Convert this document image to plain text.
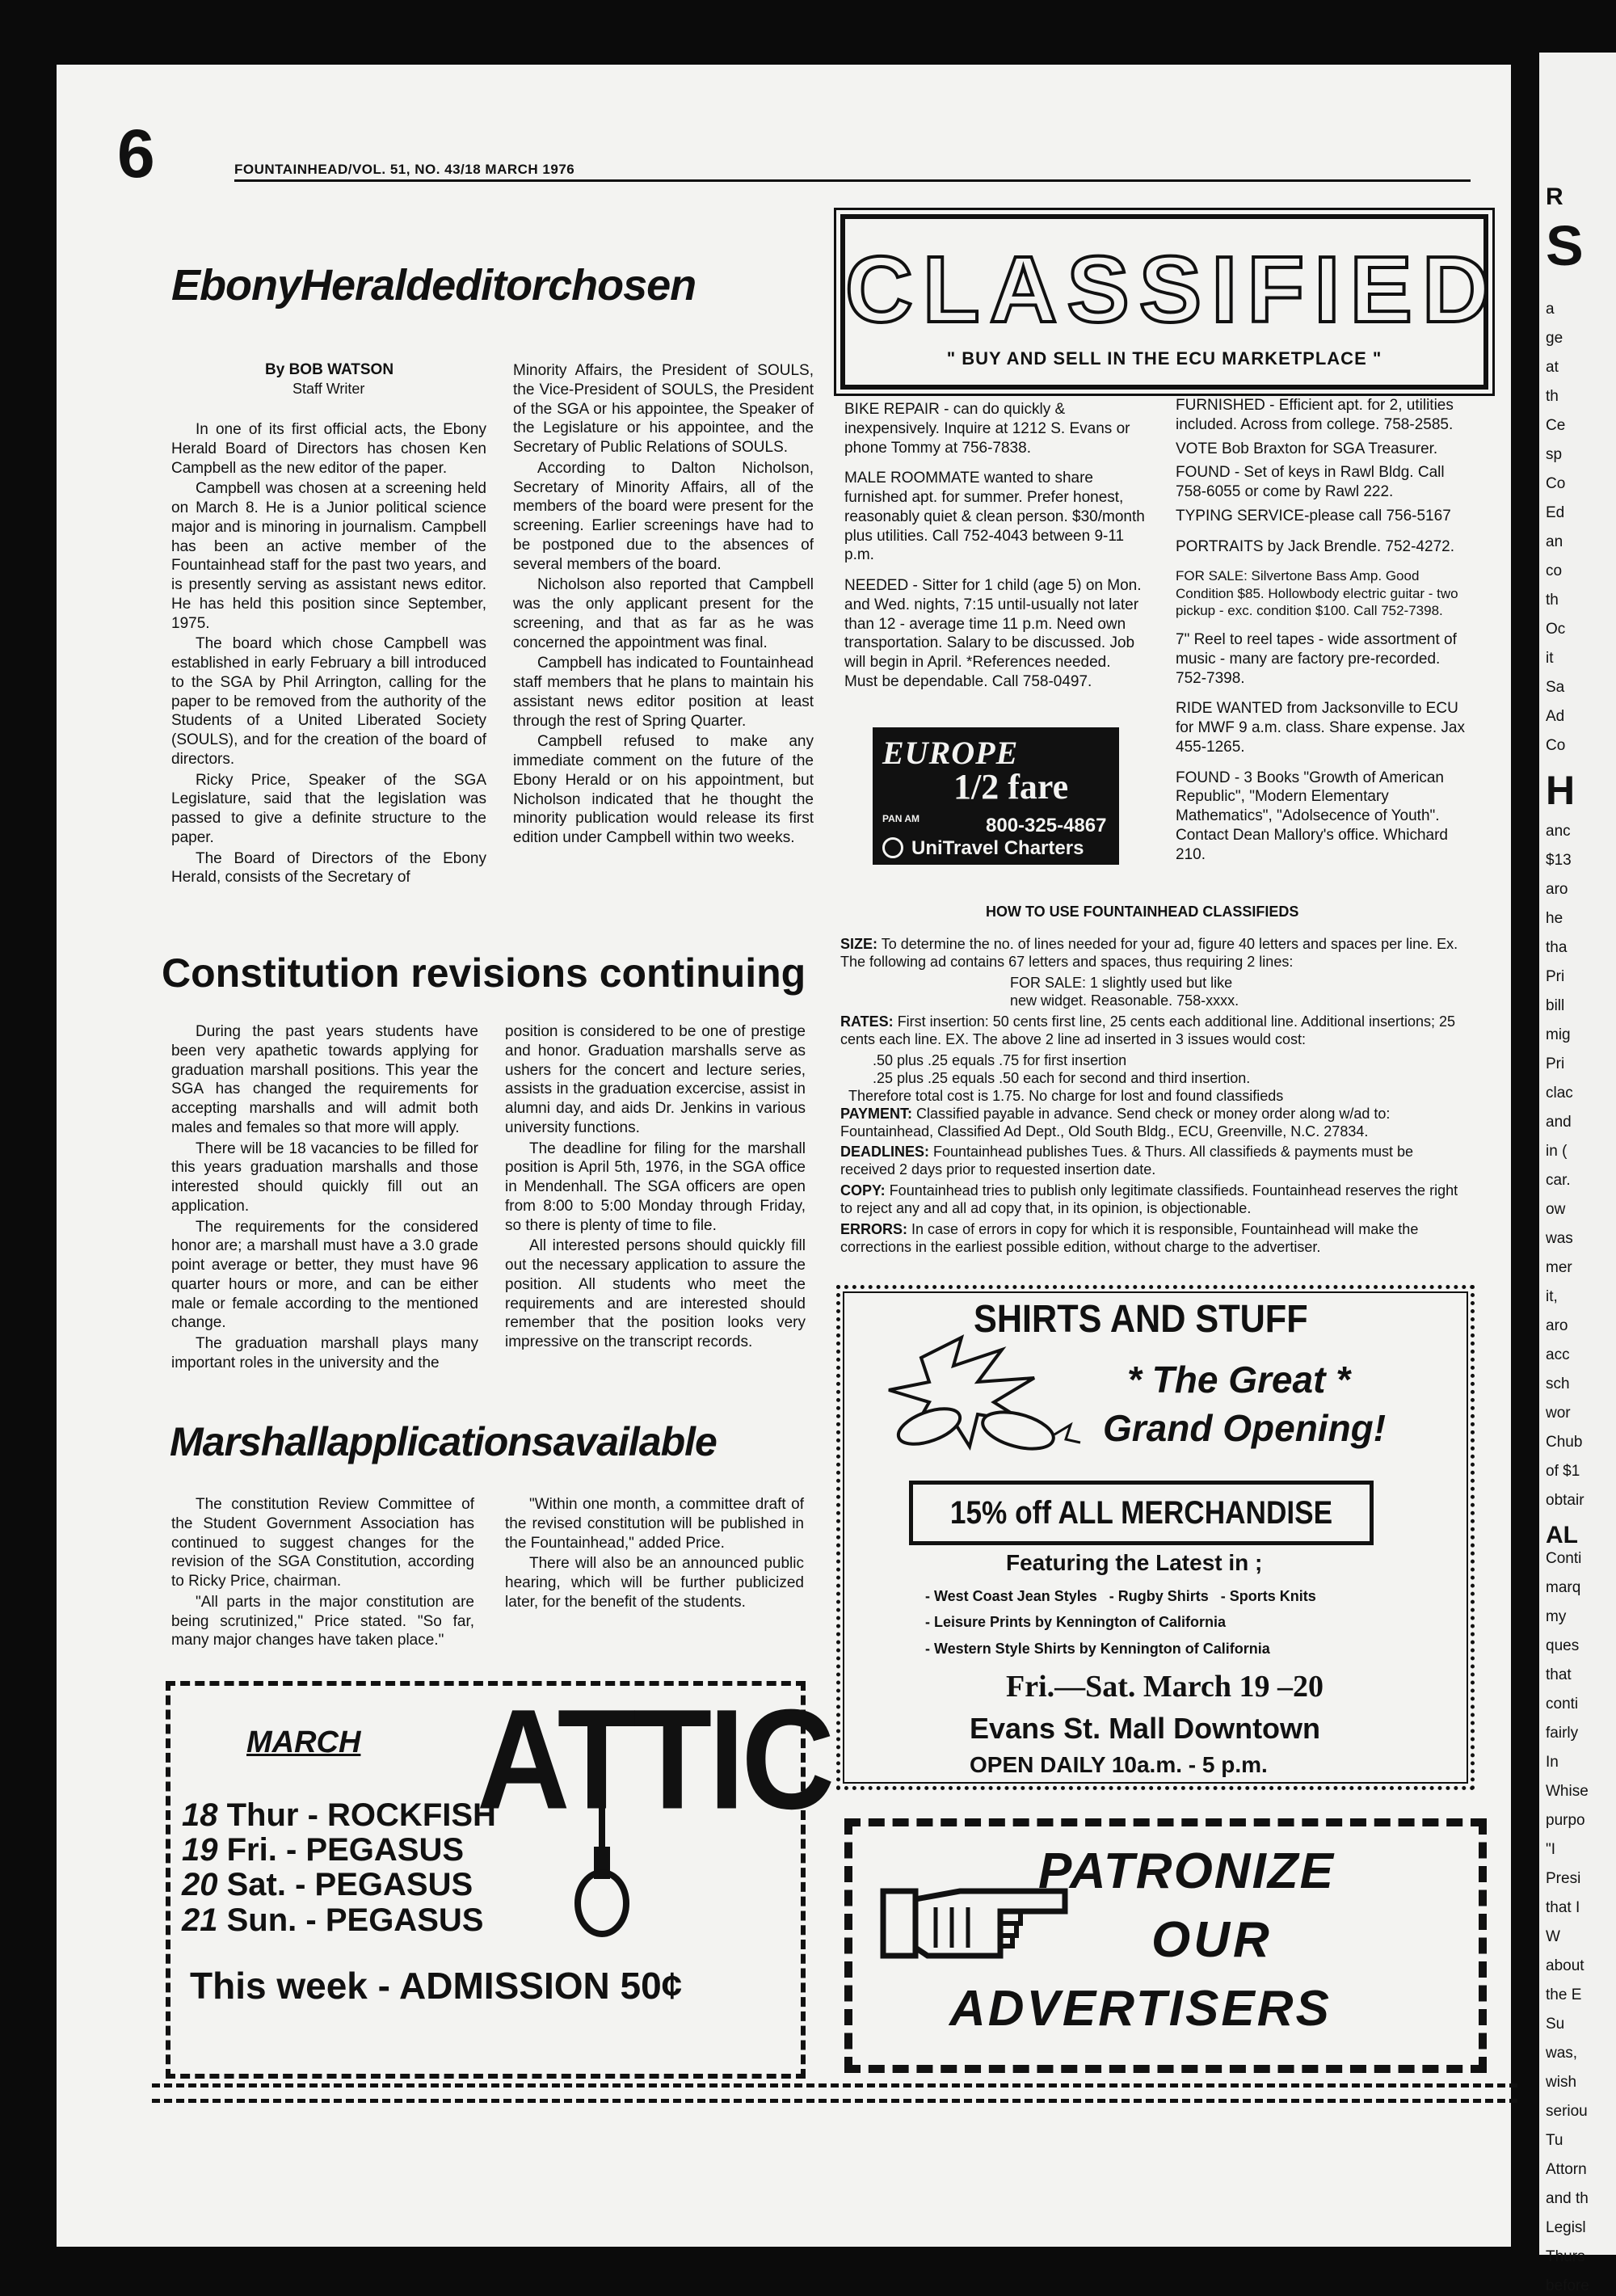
R
S
a
ge
at
th
Ce
sp
Co
Ed
an
co
th
Oc
it
Sa
Ad
Co
H
anc
$13
aro
he
tha
Pri
bill
mig
Pri
clac
and
in (
car.
ow
was
mer
it,
aro
acc
sch
wor
Chub
of $1
obtair
AL
Conti
marq
my
ques
that
conti
fairly
In
Whise
purpo
"I
Presi
that I
W
about
the E
Su
was,
wish
seriou
Tu
Attorn
and th
Legisl
Thurs
before
6	FOUNTAINHEAD/VOL. 51, NO. 43/18 MARCH 1976
EbonyHeraldeditorchosen
By BOB WATSON
Staff Writer

In one of its first official acts, the Ebony Herald Board of Directors has chosen Ken Campbell as the new editor of the paper.

Campbell was chosen at a screening held on March 8. He is a Junior political science major and is minoring in journalism. Campbell has been an active member of the Fountainhead staff for the past two years, and is presently serving as assistant news editor. He has held this position since September, 1975.

The board which chose Campbell was established in early February a bill introduced to the SGA by Phil Arrington, calling for the paper to be removed from the authority of the Students of a United Liberated Society (SOULS), and for the creation of the board of directors.

Ricky Price, Speaker of the SGA Legislature, said that the legislation was passed to give a definite structure to the paper.

The Board of Directors of the Ebony Herald, consists of the Secretary of

Minority Affairs, the President of SOULS, the Vice-President of SOULS, the President of the SGA or his appointee, the Speaker of the Legislature or his appointee, and the Secretary of Public Relations of SOULS.

According to Dalton Nicholson, Secretary of Minority Affairs, all of the members of the board were present for the screening. Earlier screenings have had to be postponed due to the absences of several members of the board.

Nicholson also reported that Campbell was the only applicant present for the screening, and that as far as he was concerned the appointment was final.

Campbell has indicated to Fountainhead staff members that he plans to maintain his assistant news editor position at least through the rest of Spring Quarter.

Campbell refused to make any immediate comment on the future of the Ebony Herald or on his appointment, but Nicholson indicated that he thought the minority publication would release its first edition under Campbell within two weeks.

Constitution revisions continuing

During the past years students have been very apathetic towards applying for graduation marshall positions. This year the SGA has changed the requirements for accepting marshalls and will admit both males and females so that more will apply.

There will be 18 vacancies to be filled for this years graduation marshalls and those interested should quickly fill out an application.

The requirements for the considered honor are; a marshall must have a 3.0 grade point average or better, they must have 96 quarter hours or more, and can be either male or female according to the mentioned change.

The graduation marshall plays many important roles in the university and the

position is considered to be one of prestige and honor. Graduation marshalls serve as ushers for the concert and lecture series, assists in the graduation excercise, assist in alumni day, and aids Dr. Jenkins in various university functions.

The deadline for filing for the marshall position is April 5th, 1976, in the SGA office in Mendenhall. The SGA officers are open from 8:00 to 5:00 Monday through Friday, so there is plenty of time to file.

All interested persons should quickly fill out the necessary application to assure the position. All students who meet the requirements and are interested should remember that the position looks very impressive on the transcript records.

Marshallapplicationsavailable

The constitution Review Committee of the Student Government Association has continued to suggest changes for the revision of the SGA Constitution, according to Ricky Price, chairman.

"All parts in the major constitution are being scrutinized," Price stated. "So far, many major changes have taken place."

"Within one month, a committee draft of the revised constitution will be published in the Fountainhead," added Price.

There will also be an announced public hearing, which will be further publicized later, for the benefit of the students.

CLASSIFIED
" BUY AND SELL IN THE ECU MARKETPLACE "

BIKE REPAIR - can do quickly & inexpensively. Inquire at 1212 S. Evans or phone Tommy at 756-7838.

MALE ROOMMATE wanted to share furnished apt. for summer. Prefer honest, reasonably quiet & clean person. $30/month plus utilities. Call 752-4043 between 9-11 p.m.

NEEDED - Sitter for 1 child (age 5) on Mon. and Wed. nights, 7:15 until-usually not later than 12 - average time 11 p.m. Need own transportation. Salary to be discussed. Job will begin in April. *References needed. Must be dependable. Call 758-0497.

FURNISHED - Efficient apt. for 2, utilities included. Across from college. 758-2585.

VOTE Bob Braxton for SGA Treasurer.

FOUND - Set of keys in Rawl Bldg. Call 758-6055 or come by Rawl 222.

TYPING SERVICE-please call 756-5167

PORTRAITS by Jack Brendle. 752-4272.

FOR SALE: Silvertone Bass Amp. Good Condition $85. Hollowbody electric guitar - two pickup - exc. condition $100. Call 752-7398.

7" Reel to reel tapes - wide assortment of music - many are factory pre-recorded. 752-7398.

RIDE WANTED from Jacksonville to ECU for MWF 9 a.m. class. Share expense. Jax 455-1265.

FOUND - 3 Books "Growth of American Republic", "Modern Elementary Mathematics", "Adolsecence of Youth". Contact Dean Mallory's office. Whichard 210.

EUROPE
1/2 fare
PAN AM	800-325-4867
UniTravel Charters
HOW TO USE FOUNTAINHEAD CLASSIFIEDS

SIZE: To determine the no. of lines needed for your ad, figure 40 letters and spaces per line. Ex. The following ad contains 67 letters and spaces, thus requiring 2 lines:

FOR SALE: 1 slightly used but like new widget. Reasonable. 758-xxxx.

RATES: First insertion: 50 cents first line, 25 cents each additional line. Additional insertions; 25 cents each line. EX. The above 2 line ad inserted in 3 issues would cost:

.50 plus .25 equals .75 for first insertion

.25 plus .25 equals .50 each for second and third insertion.

Therefore total cost is 1.75. No charge for lost and found classifieds

PAYMENT: Classified payable in advance. Send check or money order along w/ad to: Fountainhead, Classified Ad Dept., Old South Bldg., ECU, Greenville, N.C. 27834.

DEADLINES: Fountainhead publishes Tues. & Thurs. All classifieds & payments must be received 2 days prior to requested insertion date.

COPY: Fountainhead tries to publish only legitimate classifieds. Fountainhead reserves the right to reject any and all ad copy that, in its opinion, is objectionable.

ERRORS: In case of errors in copy for which it is responsible, Fountainhead will make the corrections in the earliest possible edition, without charge to the advertiser.

SHIRTS AND STUFF
* The Great *
Grand Opening!
15% off ALL MERCHANDISE
Featuring the Latest in ;
- West Coast Jean Styles   - Rugby Shirts   - Sports Knits
- Leisure Prints by Kennington of California
- Western Style Shirts by Kennington of California
Fri.—Sat. March 19 –20
Evans St. Mall Downtown
OPEN DAILY 10a.m. - 5 p.m.
MARCH ATTIC
18 Thur - ROCKFISH
19 Fri. - PEGASUS
20 Sat. - PEGASUS
21 Sun. - PEGASUS
This week - ADMISSION 50¢
PATRONIZE
OUR
ADVERTISERS
